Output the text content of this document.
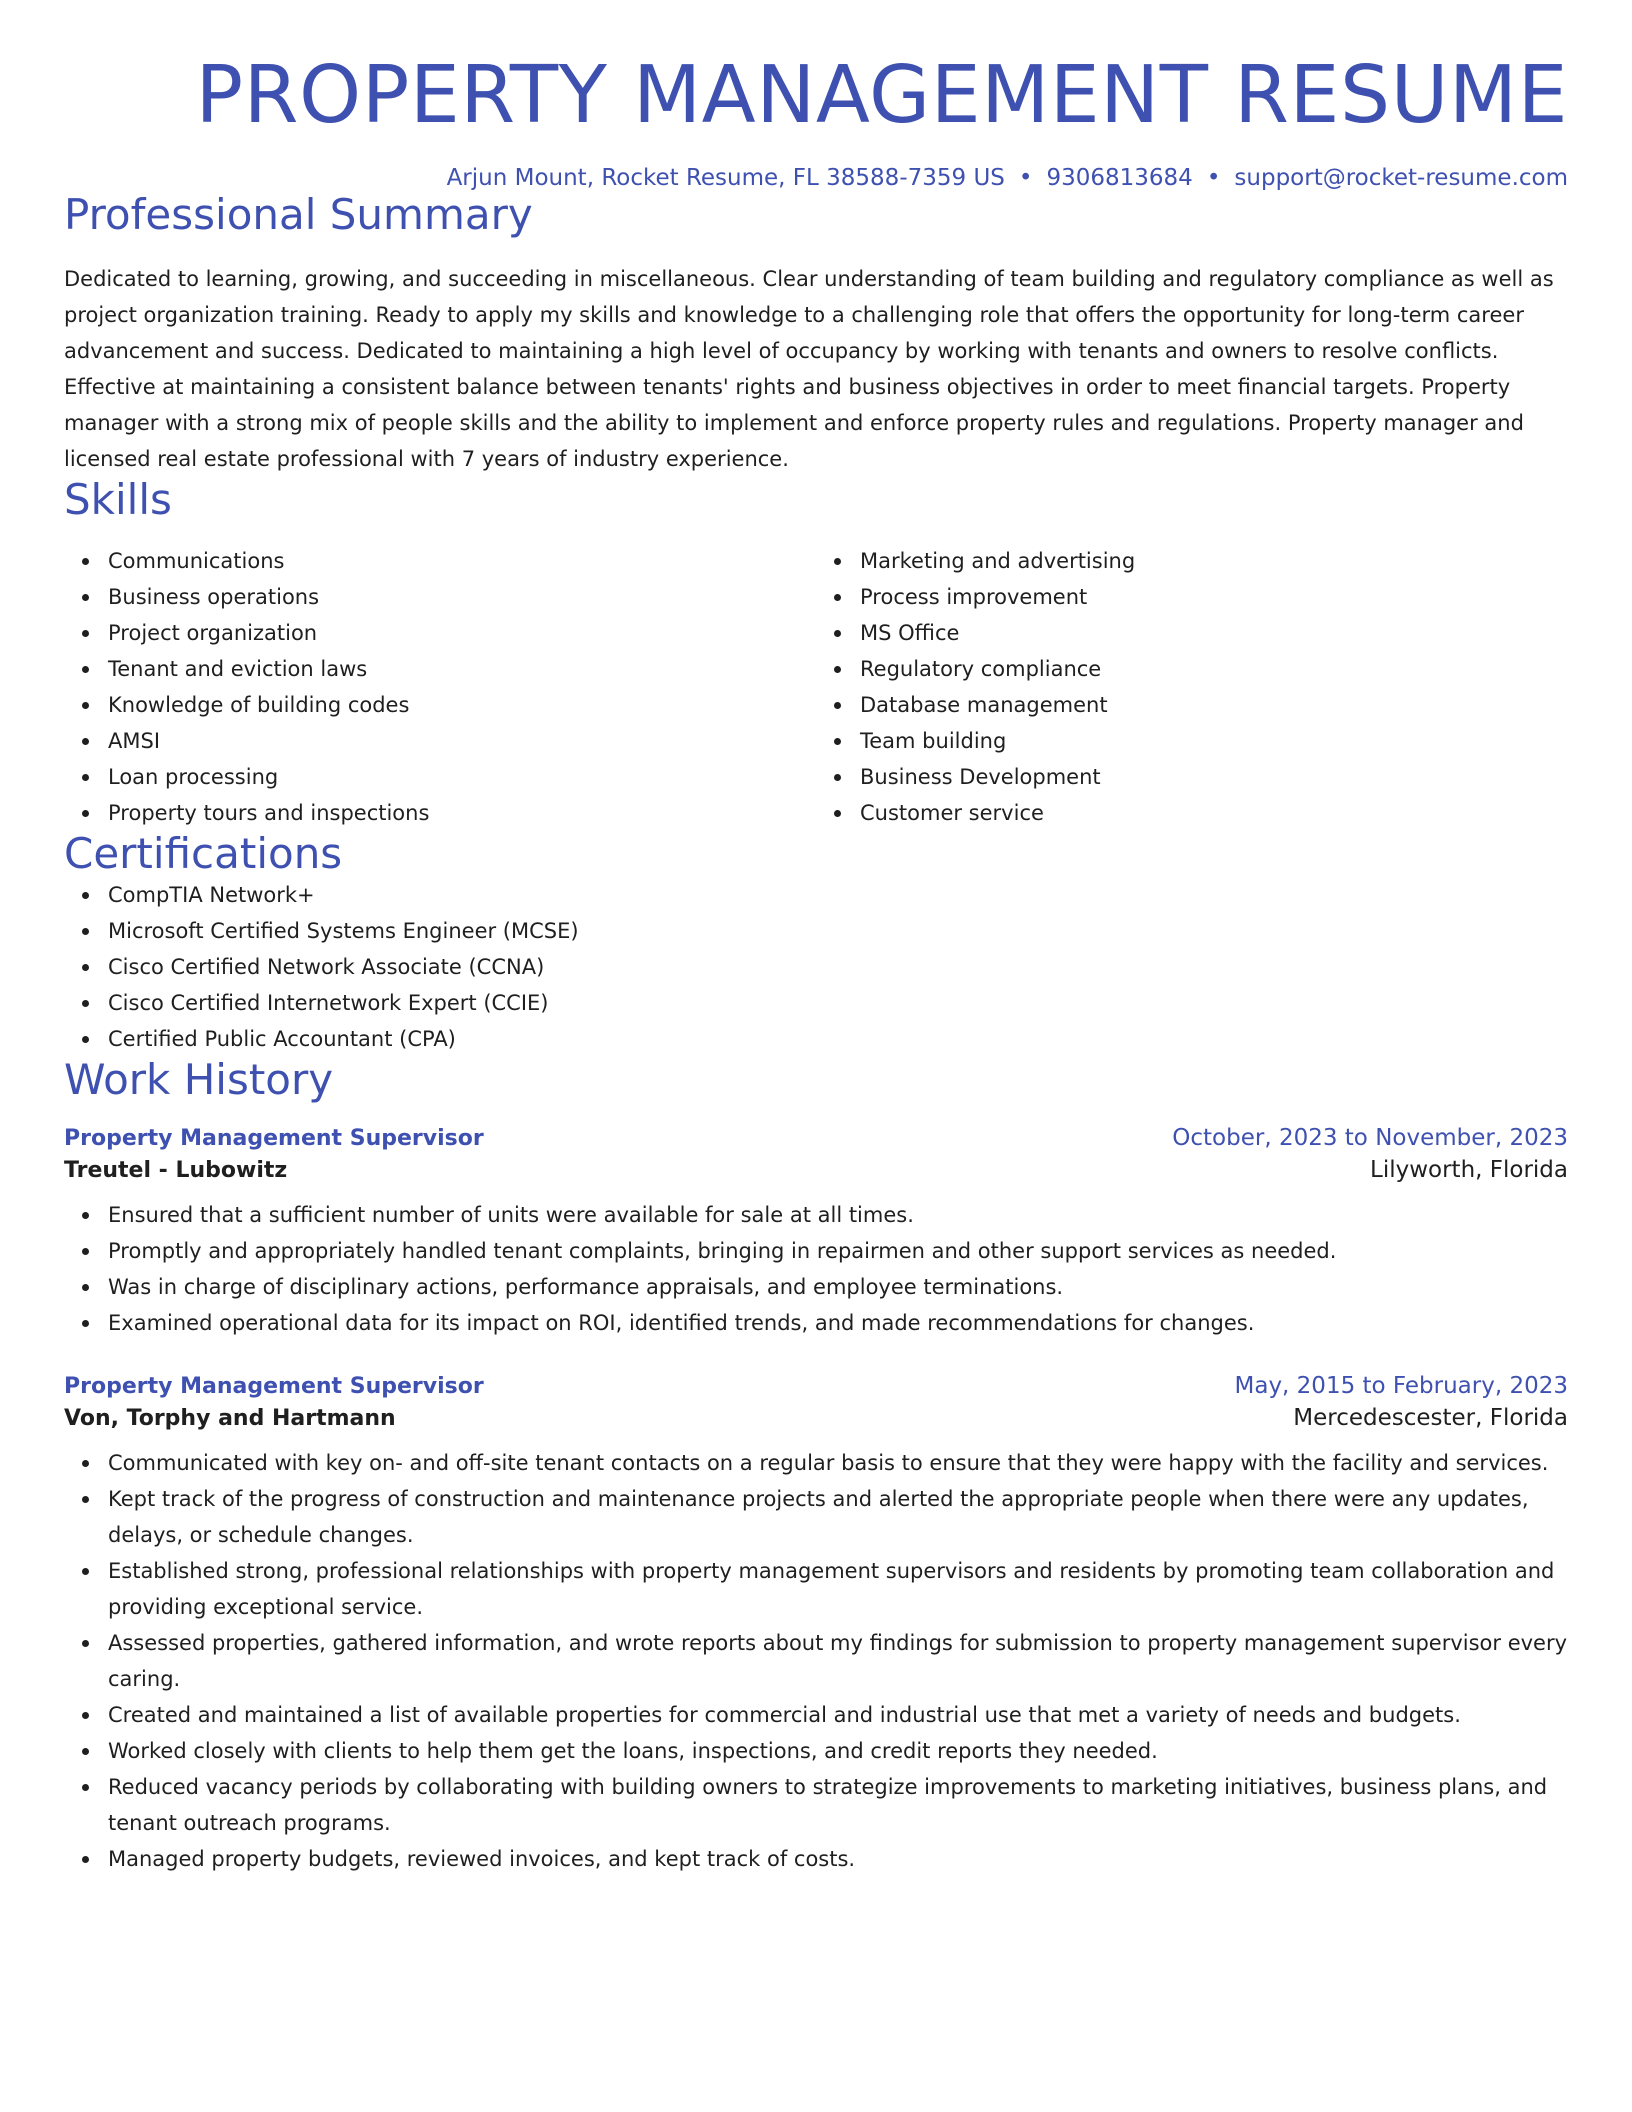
PROPERTY MANAGEMENT RESUME
Arjun Mount, Rocket Resume, FL 38588-7359 US • 9306813684 • support@rocket-resume.com
Professional Summary
Dedicated to learning, growing, and succeeding in miscellaneous. Clear understanding of team building and regulatory compliance as well as project organization training. Ready to apply my skills and knowledge to a challenging role that offers the opportunity for long-term career advancement and success. Dedicated to maintaining a high level of occupancy by working with tenants and owners to resolve conflicts. Effective at maintaining a consistent balance between tenants' rights and business objectives in order to meet financial targets. Property manager with a strong mix of people skills and the ability to implement and enforce property rules and regulations. Property manager and licensed real estate professional with 7 years of industry experience.
Skills
Communications
Business operations
Project organization
Tenant and eviction laws
Knowledge of building codes
AMSI
Loan processing
Property tours and inspections
Marketing and advertising
Process improvement
MS Office
Regulatory compliance
Database management
Team building
Business Development
Customer service
Certifications
CompTIA Network+
Microsoft Certified Systems Engineer (MCSE)
Cisco Certified Network Associate (CCNA)
Cisco Certified Internetwork Expert (CCIE)
Certified Public Accountant (CPA)
Work History
Property Management Supervisor	October, 2023 to November, 2023
Treutel - Lubowitz	Lilyworth, Florida
Ensured that a sufficient number of units were available for sale at all times.
Promptly and appropriately handled tenant complaints, bringing in repairmen and other support services as needed.
Was in charge of disciplinary actions, performance appraisals, and employee terminations.
Examined operational data for its impact on ROI, identified trends, and made recommendations for changes.
Property Management Supervisor	May, 2015 to February, 2023
Von, Torphy and Hartmann	Mercedescester, Florida
Communicated with key on- and off-site tenant contacts on a regular basis to ensure that they were happy with the facility and services.
Kept track of the progress of construction and maintenance projects and alerted the appropriate people when there were any updates, delays, or schedule changes.
Established strong, professional relationships with property management supervisors and residents by promoting team collaboration and providing exceptional service.
Assessed properties, gathered information, and wrote reports about my findings for submission to property management supervisor every caring.
Created and maintained a list of available properties for commercial and industrial use that met a variety of needs and budgets.
Worked closely with clients to help them get the loans, inspections, and credit reports they needed.
Reduced vacancy periods by collaborating with building owners to strategize improvements to marketing initiatives, business plans, and tenant outreach programs.
Managed property budgets, reviewed invoices, and kept track of costs.
